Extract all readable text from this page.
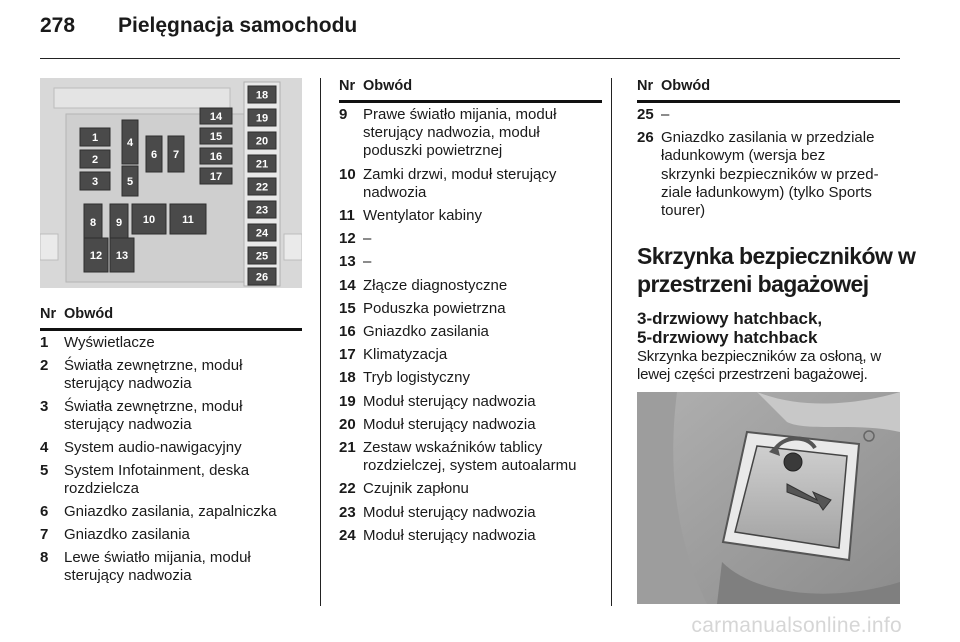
278 Pielęgnacja samochodu
1
2
3
4
5
6 7
8 9 10 11
12 13
14
15
16
17
18
19
20
21
22
23
24
25
26
Nr Obwód
1 Wyświetlacze
2 Światła zewnętrzne, moduł
sterujący nadwozia
3 Światła zewnętrzne, moduł
sterujący nadwozia
4 System audio-nawigacyjny
5 System Infotainment, deska
rozdzielcza
6 Gniazdko zasilania, zapalniczka
7 Gniazdko zasilania
8 Lewe światło mijania, moduł
sterujący nadwozia
Nr Obwód
9 Prawe światło mijania, moduł
sterujący nadwozia, moduł
poduszki powietrznej
10 Zamki drzwi, moduł sterujący
nadwozia
11 Wentylator kabiny
12 –
13 –
14 Złącze diagnostyczne
15 Poduszka powietrzna
16 Gniazdko zasilania
17 Klimatyzacja
18 Tryb logistyczny
19 Moduł sterujący nadwozia
20 Moduł sterujący nadwozia
21 Zestaw wskaźników tablicy
rozdzielczej, system autoalarmu
22 Czujnik zapłonu
23 Moduł sterujący nadwozia
24 Moduł sterujący nadwozia
Nr Obwód
25 –
26 Gniazdko zasilania w przedziale
ładunkowym (wersja bez
skrzynki bezpieczników w przed-
ziale ładunkowym) (tylko Sports
tourer)
Skrzynka bezpieczników w
przestrzeni bagażowej
3-drzwiowy hatchback,
5-drzwiowy hatchback
Skrzynka bezpieczników za osłoną, w
lewej części przestrzeni bagażowej.
carmanualsonline.info
